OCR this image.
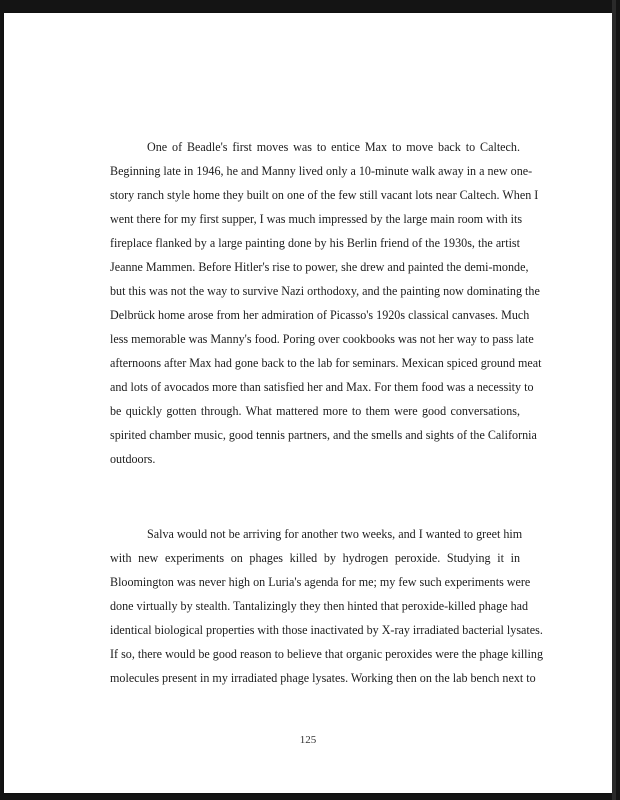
One of Beadle's first moves was to entice Max to move back to Caltech.
Beginning late in 1946, he and Manny lived only a 10-minute walk away in a new one-
story ranch style home they built on one of the few still vacant lots near Caltech. When I
went there for my first supper, I was much impressed by the large main room with its
fireplace flanked by a large painting done by his Berlin friend of the 1930s, the artist
Jeanne Mammen. Before Hitler's rise to power, she drew and painted the demi-monde,
but this was not the way to survive Nazi orthodoxy, and the painting now dominating the
Delbrück home arose from her admiration of Picasso's 1920s classical canvases. Much
less memorable was Manny's food. Poring over cookbooks was not her way to pass late
afternoons after Max had gone back to the lab for seminars. Mexican spiced ground meat
and lots of avocados more than satisfied her and Max. For them food was a necessity to
be quickly gotten through. What mattered more to them were good conversations,
spirited chamber music, good tennis partners, and the smells and sights of the California
outdoors.
Salva would not be arriving for another two weeks, and I wanted to greet him
with new experiments on phages killed by hydrogen peroxide. Studying it in
Bloomington was never high on Luria's agenda for me; my few such experiments were
done virtually by stealth. Tantalizingly they then hinted that peroxide-killed phage had
identical biological properties with those inactivated by X-ray irradiated bacterial lysates.
If so, there would be good reason to believe that organic peroxides were the phage killing
molecules present in my irradiated phage lysates. Working then on the lab bench next to
125
